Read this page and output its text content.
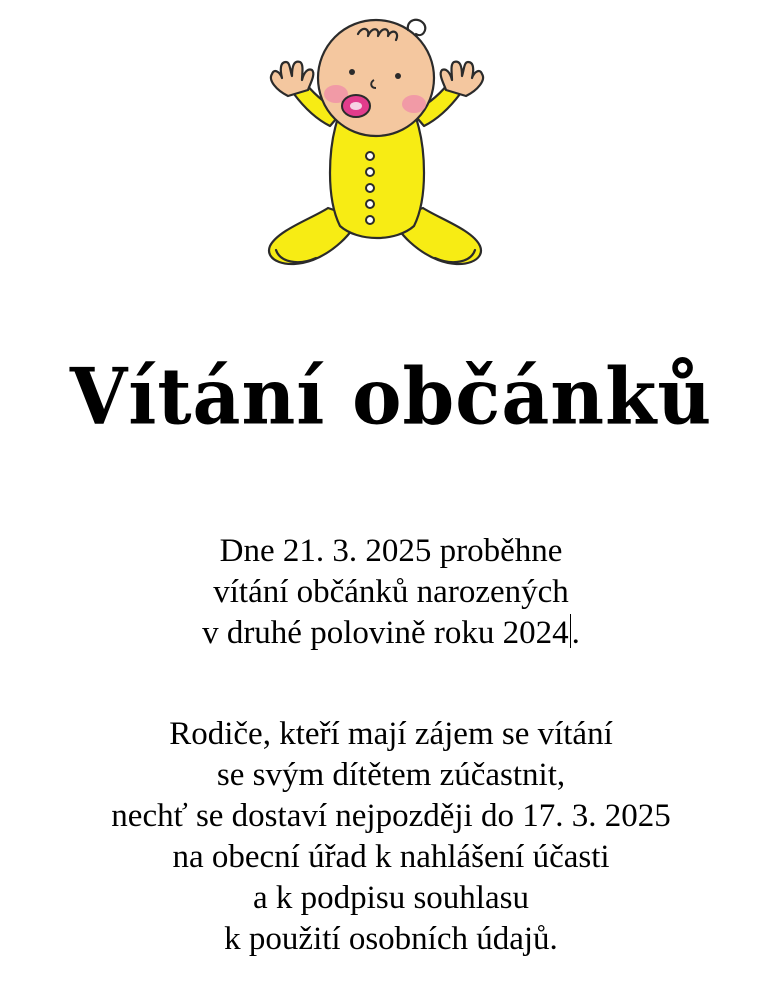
Vítání občánků
Dne 21. 3. 2025 proběhne
vítání občánků narozených
v druhé polovině roku 2024.
Rodiče, kteří mají zájem se vítání
se svým dítětem zúčastnit,
nechť se dostaví nejpozději do 17. 3. 2025
na obecní úřad k nahlášení účasti
a k podpisu souhlasu
k použití osobních údajů.
